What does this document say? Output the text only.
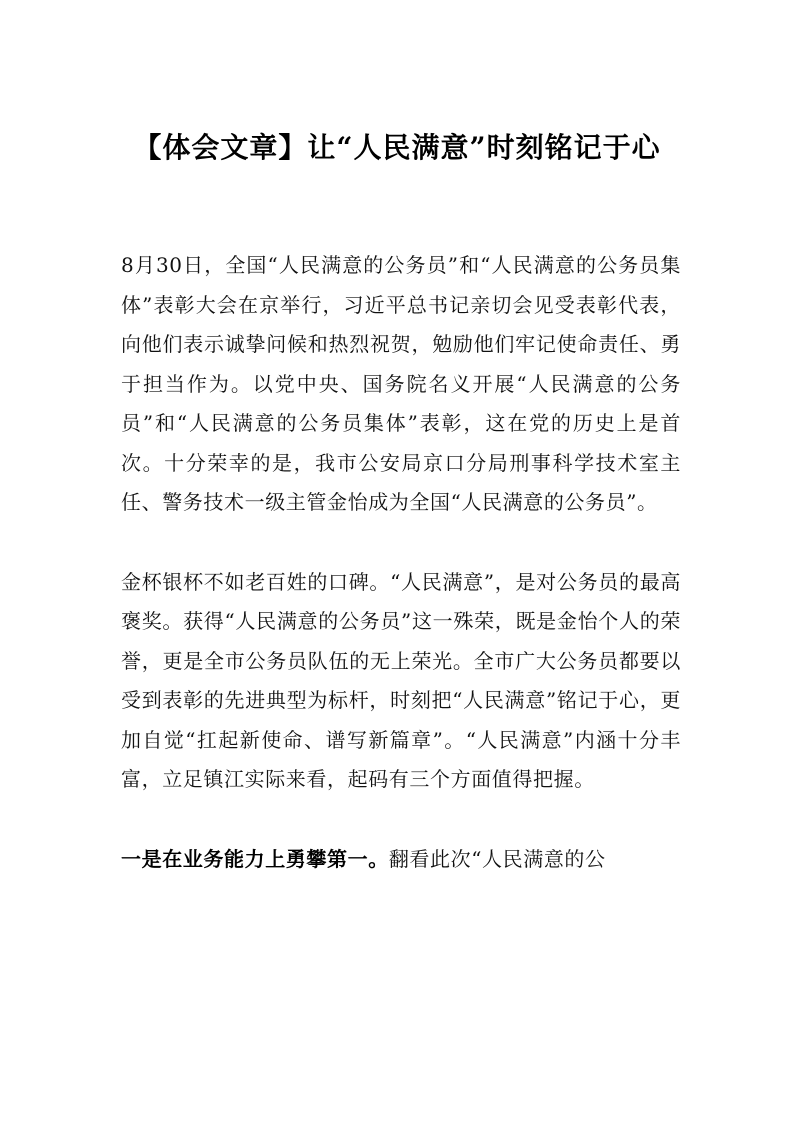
【体会文章】让“人民满意”时刻铭记于心

8月30日，全国“人民满意的公务员”和“人民满意的公务员集体”表彰大会在京举行，习近平总书记亲切会见受表彰代表，向他们表示诚挚问候和热烈祝贺，勉励他们牢记使命责任、勇于担当作为。以党中央、国务院名义开展“人民满意的公务员”和“人民满意的公务员集体”表彰，这在党的历史上是首次。十分荣幸的是，我市公安局京口分局刑事科学技术室主任、警务技术一级主管金怡成为全国“人民满意的公务员”。

金杯银杯不如老百姓的口碑。“人民满意”，是对公务员的最高褒奖。获得“人民满意的公务员”这一殊荣，既是金怡个人的荣誉，更是全市公务员队伍的无上荣光。全市广大公务员都要以受到表彰的先进典型为标杆，时刻把“人民满意”铭记于心，更加自觉“扛起新使命、谱写新篇章”。“人民满意”内涵十分丰富，立足镇江实际来看，起码有三个方面值得把握。

一是在业务能力上勇攀第一。翻看此次“人民满意的公
